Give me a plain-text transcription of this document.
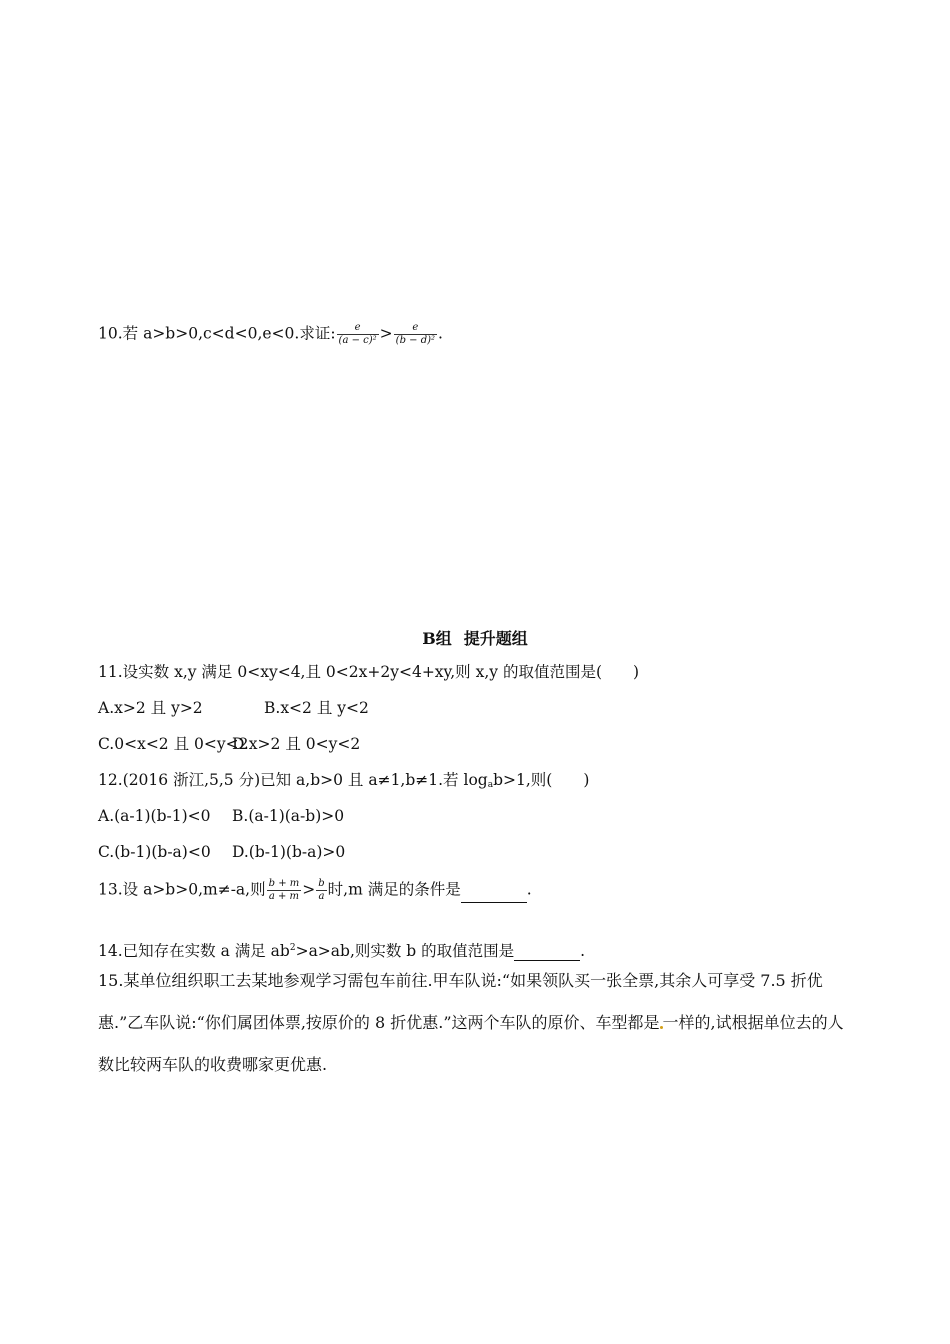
10.若 a>b>0,c<d<0,e<0.求证: $\frac{e}{\text{(a − c)²}} > \frac{e}{\text{(b − d)²}}$ .
B组 提升题组
11.设实数 x,y 满足 0<xy<4,且 0<2x+2y<4+xy,则 x,y 的取值范围是(　　)
A.x>2 且 y>2	B.x<2 且 y<2
C.0<x<2 且 0<y<2D.x>2 且 0<y<2
12.(2016 浙江,5,5 分)已知 a,b>0 且 a≠1,b≠1.若 $\log_ab>1$,则(　　)
A.(a-1)(b-1)<0 B.(a-1)(a-b)>0
C.(b-1)(b-a)<0 D.(b-1)(b-a)>0
13.设 a>b>0,m≠-a,则 $\frac{b + m}{a + m} > \frac{b}{a}$ 时,m 满足的条件是	.
14.已知存在实数 a 满足 $ab^2>a>ab$,则实数 b 的取值范围是	.
15.某单位组织职工去某地参观学习需包车前往.甲车队说:“如果领队买一张全票,其余人可享受 7.5 折优惠.”乙车队说:“你们属团体票,按原价的 8 折优惠.”这两个车队的原价、车型都是 一样的,试根据单位去的人数比较两车队的收费哪家更优惠.
